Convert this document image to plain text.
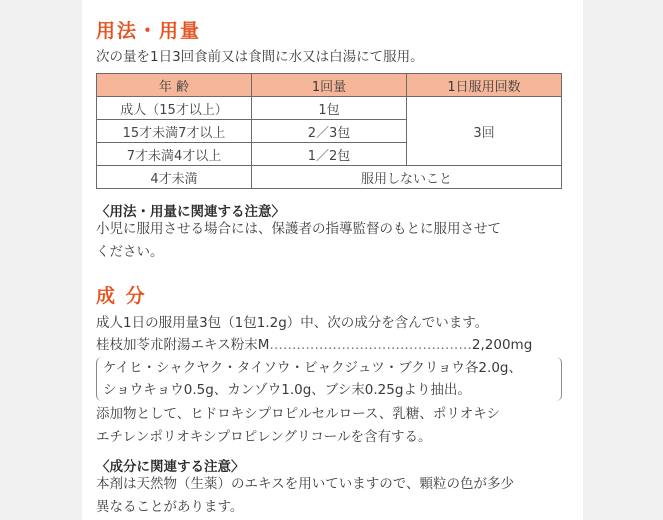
用法・用量
次の量を1日3回食前又は食間に水又は白湯にて服用。
年 齢	1回量	1日服用回数
成人（15才以上）	1包	3回
15才未満7才以上	2／3包	
7才未満4才以上	1／2包	
4才未満	服用しないこと	
〈用法・用量に関連する注意〉
小児に服用させる場合には、保護者の指導監督のもとに服用させて
ください。
成 分
成人1日の服用量3包（1包1.2g）中、次の成分を含んでいます。
桂枝加苓朮附湯エキス粉末M………………………………………2,200mg
ケイヒ・シャクヤク・タイソウ・ビャクジュツ・ブクリョウ各2.0g、
ショウキョウ0.5g、カンゾウ1.0g、ブシ末0.25gより抽出。
添加物として、ヒドロキシプロピルセルロース、乳糖、ポリオキシ
エチレンポリオキシプロピレングリコールを含有する。
〈成分に関連する注意〉
本剤は天然物（生薬）のエキスを用いていますので、顆粒の色が多少
異なることがあります。
